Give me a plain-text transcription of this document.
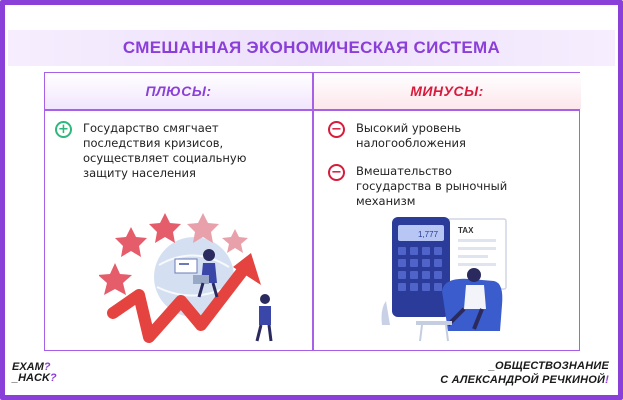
СМЕШАННАЯ ЭКОНОМИЧЕСКАЯ СИСТЕМА
ПЛЮСЫ:	МИНУСЫ:
+ Государство смягчает
последствия кризисов,
осуществляет социальную
защиту населения
− Высокий уровень
налогообложения
− Вмешательство
государства в рыночный
механизм
TAX
1,777
EXAM?
_HACK?
_ОБЩЕСТВОЗНАНИЕ
С АЛЕКСАНДРОЙ РЕЧКИНОЙ!
